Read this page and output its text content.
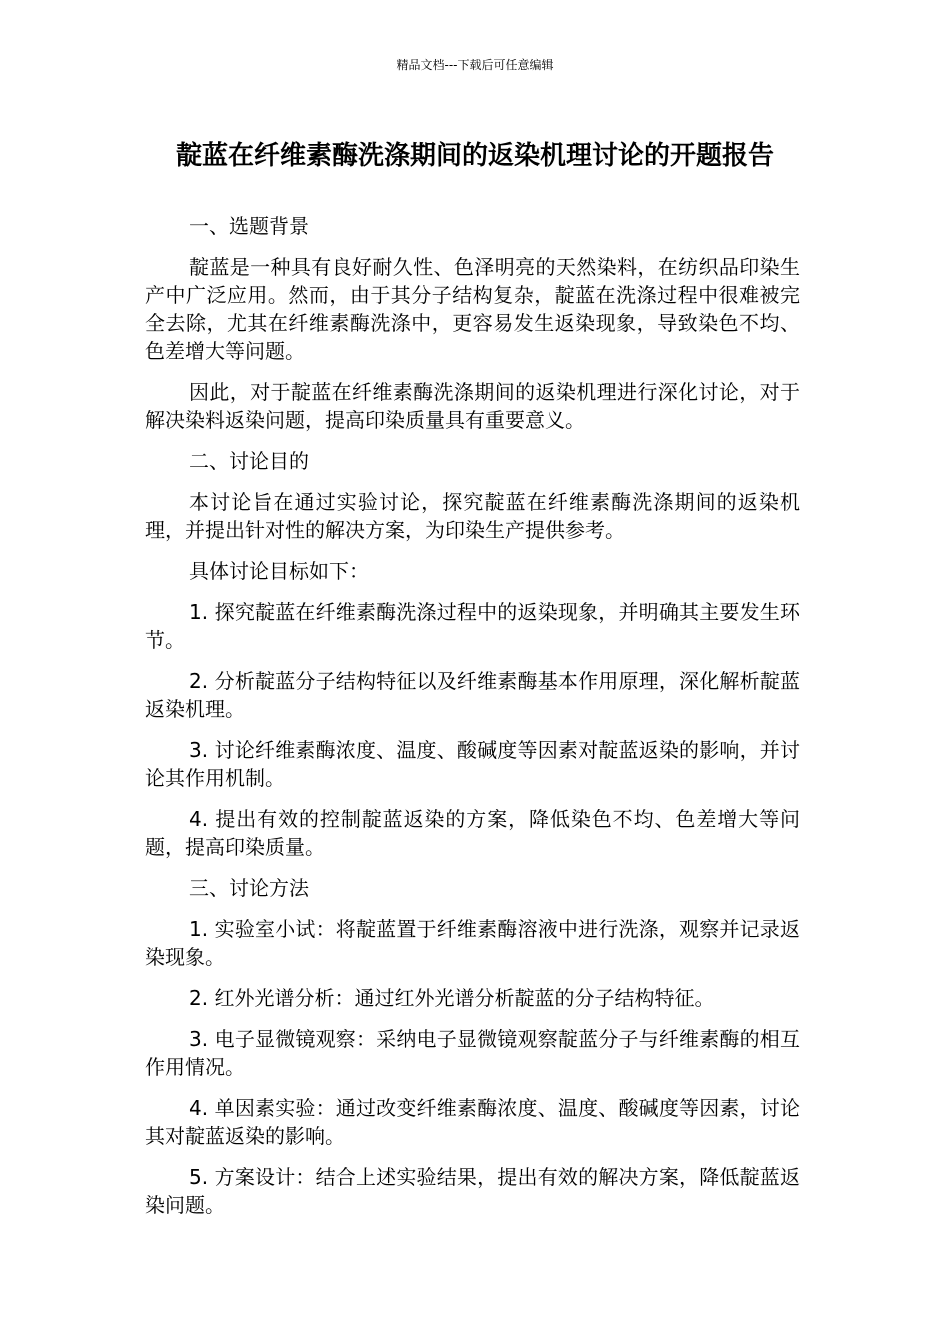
精品文档---下载后可任意编辑
靛蓝在纤维素酶洗涤期间的返染机理讨论的开题报告

一、选题背景

靛蓝是一种具有良好耐久性、色泽明亮的天然染料，在纺织品印染生产中广泛应用。然而，由于其分子结构复杂，靛蓝在洗涤过程中很难被完全去除，尤其在纤维素酶洗涤中，更容易发生返染现象，导致染色不均、色差增大等问题。

因此，对于靛蓝在纤维素酶洗涤期间的返染机理进行深化讨论，对于解决染料返染问题，提高印染质量具有重要意义。

二、讨论目的

本讨论旨在通过实验讨论，探究靛蓝在纤维素酶洗涤期间的返染机理，并提出针对性的解决方案，为印染生产提供参考。

具体讨论目标如下：

1. 探究靛蓝在纤维素酶洗涤过程中的返染现象，并明确其主要发生环节。

2. 分析靛蓝分子结构特征以及纤维素酶基本作用原理，深化解析靛蓝返染机理。

3. 讨论纤维素酶浓度、温度、酸碱度等因素对靛蓝返染的影响，并讨论其作用机制。

4. 提出有效的控制靛蓝返染的方案，降低染色不均、色差增大等问题，提高印染质量。

三、讨论方法

1. 实验室小试：将靛蓝置于纤维素酶溶液中进行洗涤，观察并记录返染现象。

2. 红外光谱分析：通过红外光谱分析靛蓝的分子结构特征。

3. 电子显微镜观察：采纳电子显微镜观察靛蓝分子与纤维素酶的相互作用情况。

4. 单因素实验：通过改变纤维素酶浓度、温度、酸碱度等因素，讨论其对靛蓝返染的影响。

5. 方案设计：结合上述实验结果，提出有效的解决方案，降低靛蓝返染问题。
